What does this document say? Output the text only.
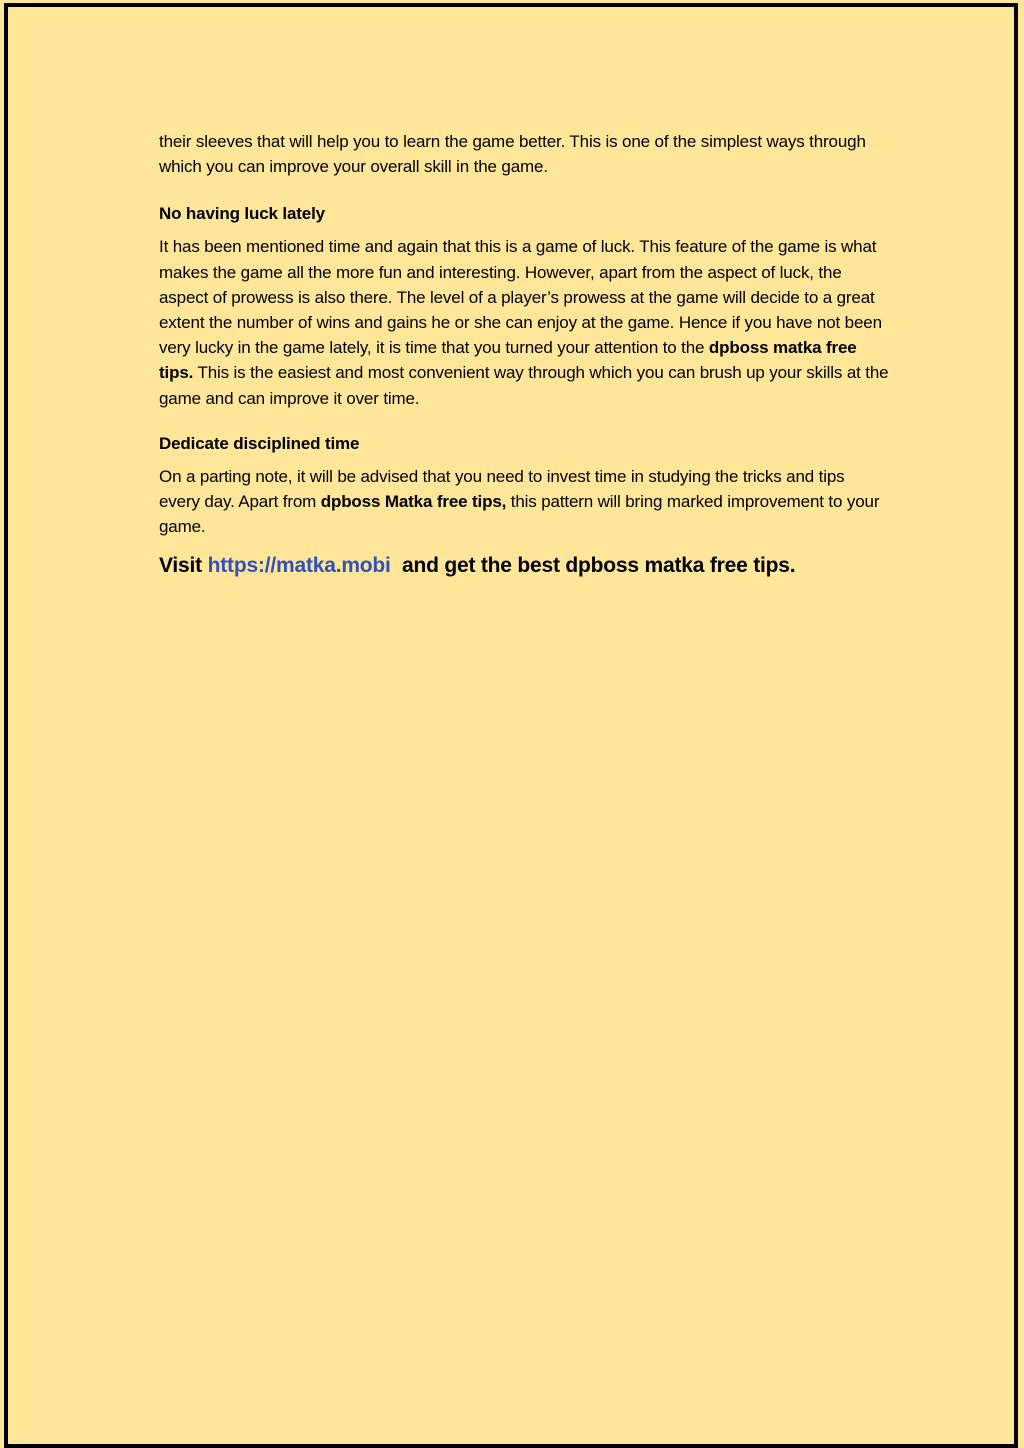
their sleeves that will help you to learn the game better. This is one of the simplest ways through which you can improve your overall skill in the game.

No having luck lately

It has been mentioned time and again that this is a game of luck. This feature of the game is what makes the game all the more fun and interesting. However, apart from the aspect of luck, the aspect of prowess is also there. The level of a player’s prowess at the game will decide to a great extent the number of wins and gains he or she can enjoy at the game. Hence if you have not been very lucky in the game lately, it is time that you turned your attention to the dpboss matka free tips. This is the easiest and most convenient way through which you can brush up your skills at the game and can improve it over time.

Dedicate disciplined time

On a parting note, it will be advised that you need to invest time in studying the tricks and tips every day. Apart from dpboss Matka free tips, this pattern will bring marked improvement to your game.

Visit https://matka.mobi  and get the best dpboss matka free tips.
